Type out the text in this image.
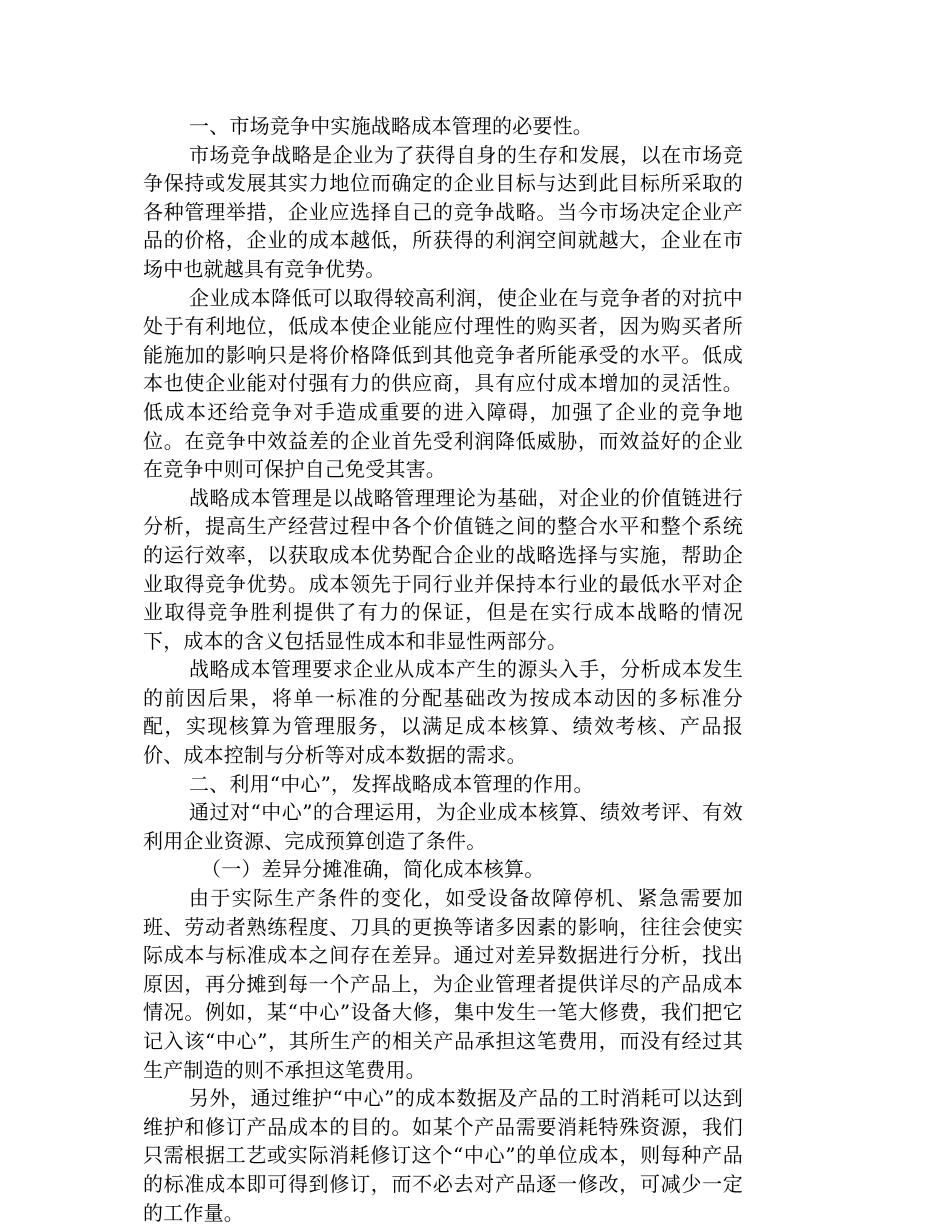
一、市场竞争中实施战略成本管理的必要性。

市场竞争战略是企业为了获得自身的生存和发展，以在市场竞争保持或发展其实力地位而确定的企业目标与达到此目标所采取的各种管理举措，企业应选择自己的竞争战略。当今市场决定企业产品的价格，企业的成本越低，所获得的利润空间就越大，企业在市场中也就越具有竞争优势。

企业成本降低可以取得较高利润，使企业在与竞争者的对抗中处于有利地位，低成本使企业能应付理性的购买者，因为购买者所能施加的影响只是将价格降低到其他竞争者所能承受的水平。低成本也使企业能对付强有力的供应商，具有应付成本增加的灵活性。低成本还给竞争对手造成重要的进入障碍，加强了企业的竞争地位。在竞争中效益差的企业首先受利润降低威胁，而效益好的企业在竞争中则可保护自己免受其害。

战略成本管理是以战略管理理论为基础，对企业的价值链进行分析，提高生产经营过程中各个价值链之间的整合水平和整个系统的运行效率，以获取成本优势配合企业的战略选择与实施，帮助企业取得竞争优势。成本领先于同行业并保持本行业的最低水平对企业取得竞争胜利提供了有力的保证，但是在实行成本战略的情况下，成本的含义包括显性成本和非显性两部分。

战略成本管理要求企业从成本产生的源头入手，分析成本发生的前因后果，将单一标准的分配基础改为按成本动因的多标准分配，实现核算为管理服务，以满足成本核算、绩效考核、产品报价、成本控制与分析等对成本数据的需求。

二、利用“中心”，发挥战略成本管理的作用。

通过对“中心”的合理运用，为企业成本核算、绩效考评、有效利用企业资源、完成预算创造了条件。

（一）差异分摊准确，简化成本核算。

由于实际生产条件的变化，如受设备故障停机、紧急需要加班、劳动者熟练程度、刀具的更换等诸多因素的影响，往往会使实际成本与标准成本之间存在差异。通过对差异数据进行分析，找出原因，再分摊到每一个产品上，为企业管理者提供详尽的产品成本情况。例如，某“中心”设备大修，集中发生一笔大修费，我们把它记入该“中心”，其所生产的相关产品承担这笔费用，而没有经过其生产制造的则不承担这笔费用。

另外，通过维护“中心”的成本数据及产品的工时消耗可以达到维护和修订产品成本的目的。如某个产品需要消耗特殊资源，我们只需根据工艺或实际消耗修订这个“中心”的单位成本，则每种产品的标准成本即可得到修订，而不必去对产品逐一修改，可减少一定的工作量。
